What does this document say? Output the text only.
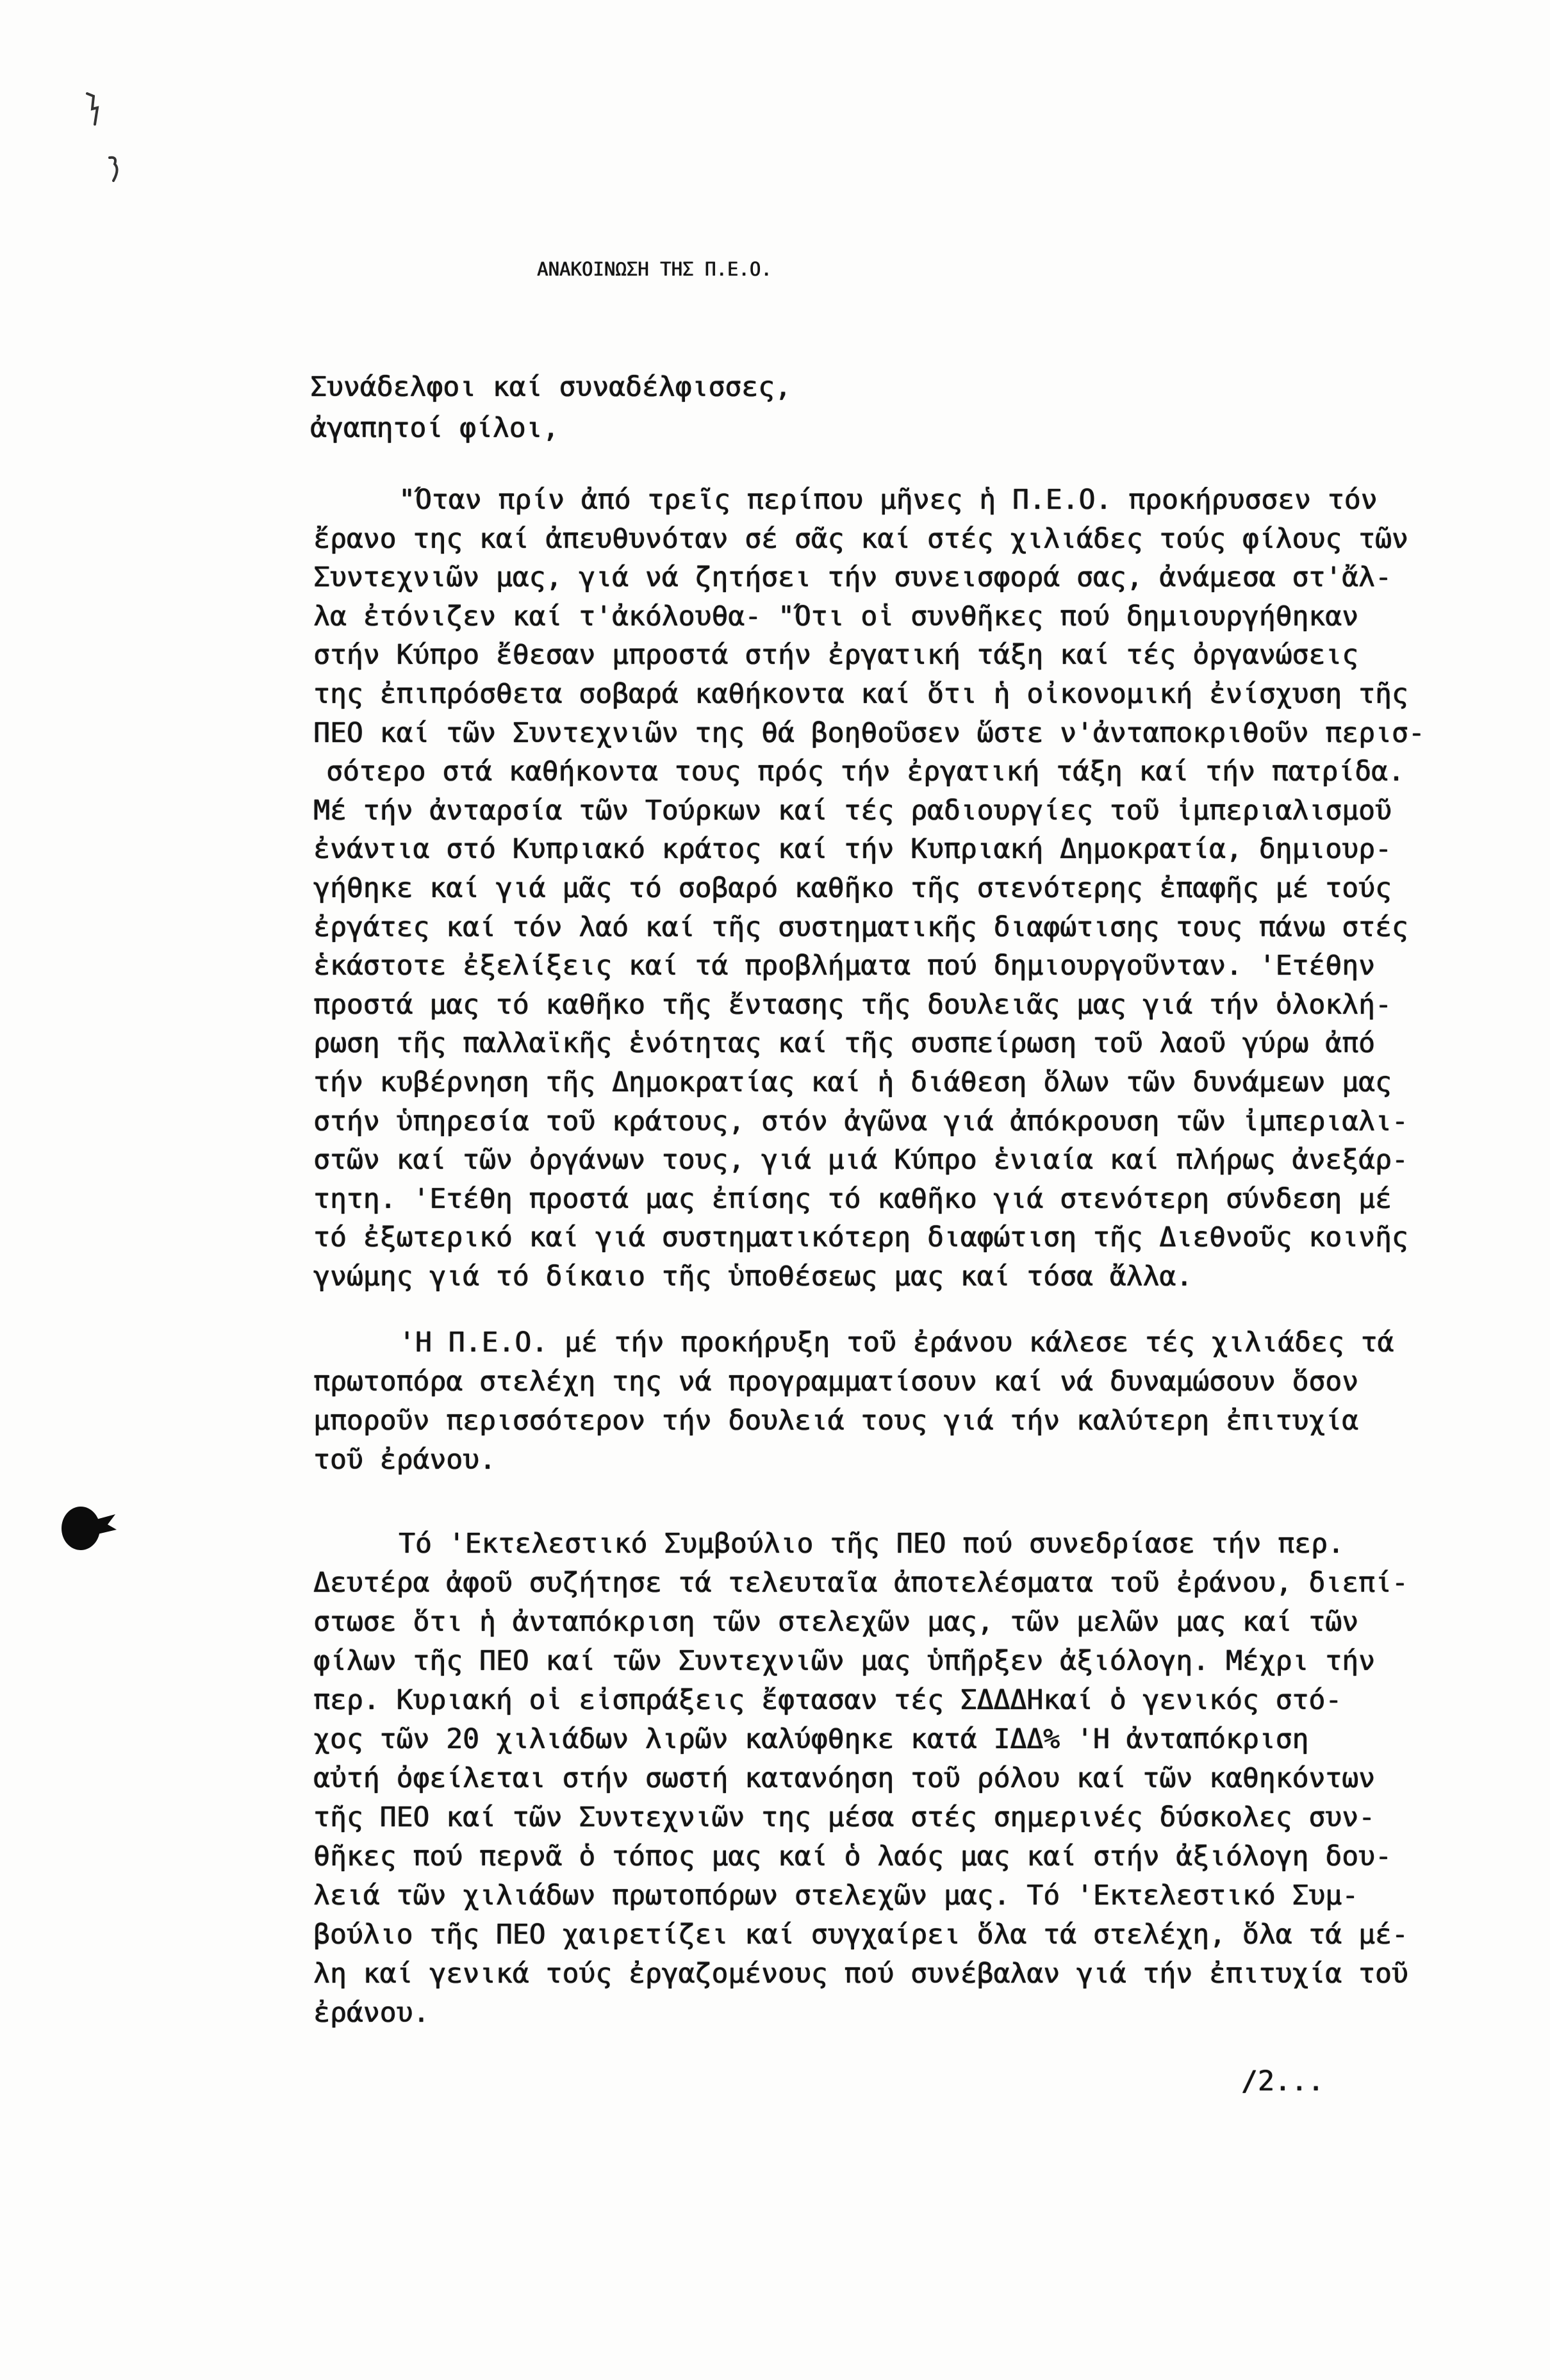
ΑΝΑΚΟΙΝΩΣΗ ΤΗΣ Π.Ε.Ο.
Συνάδελφοι καί συναδέλφισσες,
ἀγαπητοί φίλοι,
"Όταν πρίν ἀπό τρεῖς περίπου μῆνες ἡ Π.Ε.Ο. προκήρυσσεν τόν
ἔρανο της καί ἀπευθυνόταν σέ σᾶς καί στές χιλιάδες τούς φίλους τῶν
Συντεχνιῶν μας, γιά νά ζητήσει τήν συνεισφορά σας, ἀνάμεσα στ'ἄλ-
λα ἐτόνιζεν καί τ'ἀκόλουθα- "Ότι οἱ συνθῆκες πού δημιουργήθηκαν
στήν Κύπρο ἔθεσαν μπροστά στήν ἐργατική τάξη καί τές ὀργανώσεις
της ἐπιπρόσθετα σοβαρά καθήκοντα καί ὅτι ἡ οἰκονομική ἐνίσχυση τῆς
ΠΕΟ καί τῶν Συντεχνιῶν της θά βοηθοῦσεν ὥστε ν'ἀνταποκριθοῦν περισ-
σότερο στά καθήκοντα τους πρός τήν ἐργατική τάξη καί τήν πατρίδα.
Μέ τήν ἀνταρσία τῶν Τούρκων καί τές ραδιουργίες τοῦ ἰμπεριαλισμοῦ
ἐνάντια στό Κυπριακό κράτος καί τήν Κυπριακή Δημοκρατία, δημιουρ-
γήθηκε καί γιά μᾶς τό σοβαρό καθῆκο τῆς στενότερης ἐπαφῆς μέ τούς
ἐργάτες καί τόν λαό καί τῆς συστηματικῆς διαφώτισης τους πάνω στές
ἑκάστοτε ἐξελίξεις καί τά προβλήματα πού δημιουργοῦνταν. 'Ετέθην
προστά μας τό καθῆκο τῆς ἔντασης τῆς δουλειᾶς μας γιά τήν ὁλοκλή-
ρωση τῆς παλλαϊκῆς ἑνότητας καί τῆς συσπείρωση τοῦ λαοῦ γύρω ἀπό
τήν κυβέρνηση τῆς Δημοκρατίας καί ἡ διάθεση ὅλων τῶν δυνάμεων μας
στήν ὑπηρεσία τοῦ κράτους, στόν ἀγῶνα γιά ἀπόκρουση τῶν ἰμπεριαλι-
στῶν καί τῶν ὀργάνων τους, γιά μιά Κύπρο ἑνιαία καί πλήρως ἀνεξάρ-
τητη. 'Ετέθη προστά μας ἐπίσης τό καθῆκο γιά στενότερη σύνδεση μέ
τό ἐξωτερικό καί γιά συστηματικότερη διαφώτιση τῆς Διεθνοῦς κοινῆς
γνώμης γιά τό δίκαιο τῆς ὑποθέσεως μας καί τόσα ἄλλα.
'Η Π.Ε.Ο. μέ τήν προκήρυξη τοῦ ἐράνου κάλεσε τές χιλιάδες τά
πρωτοπόρα στελέχη της νά προγραμματίσουν καί νά δυναμώσουν ὅσον
μποροῦν περισσότερον τήν δουλειά τους γιά τήν καλύτερη ἐπιτυχία
τοῦ ἐράνου.
Τό 'Εκτελεστικό Συμβούλιο τῆς ΠΕΟ πού συνεδρίασε τήν περ.
Δευτέρα ἀφοῦ συζήτησε τά τελευταῖα ἀποτελέσματα τοῦ ἐράνου, διεπί-
στωσε ὅτι ἡ ἀνταπόκριση τῶν στελεχῶν μας, τῶν μελῶν μας καί τῶν
φίλων τῆς ΠΕΟ καί τῶν Συντεχνιῶν μας ὑπῆρξεν ἀξιόλογη. Μέχρι τήν
περ. Κυριακή οἱ εἰσπράξεις ἔφτασαν τές ΣΔΔΔΗκαί ὁ γενικός στό-
χος τῶν 20 χιλιάδων λιρῶν καλύφθηκε κατά ΙΔΔ% 'Η ἀνταπόκριση
αὐτή ὀφείλεται στήν σωστή κατανόηση τοῦ ρόλου καί τῶν καθηκόντων
τῆς ΠΕΟ καί τῶν Συντεχνιῶν της μέσα στές σημερινές δύσκολες συν-
θῆκες πού περνᾶ ὁ τόπος μας καί ὁ λαός μας καί στήν ἀξιόλογη δου-
λειά τῶν χιλιάδων πρωτοπόρων στελεχῶν μας. Τό 'Εκτελεστικό Συμ-
βούλιο τῆς ΠΕΟ χαιρετίζει καί συγχαίρει ὅλα τά στελέχη, ὅλα τά μέ-
λη καί γενικά τούς ἐργαζομένους πού συνέβαλαν γιά τήν ἐπιτυχία τοῦ
ἐράνου.
/2...
